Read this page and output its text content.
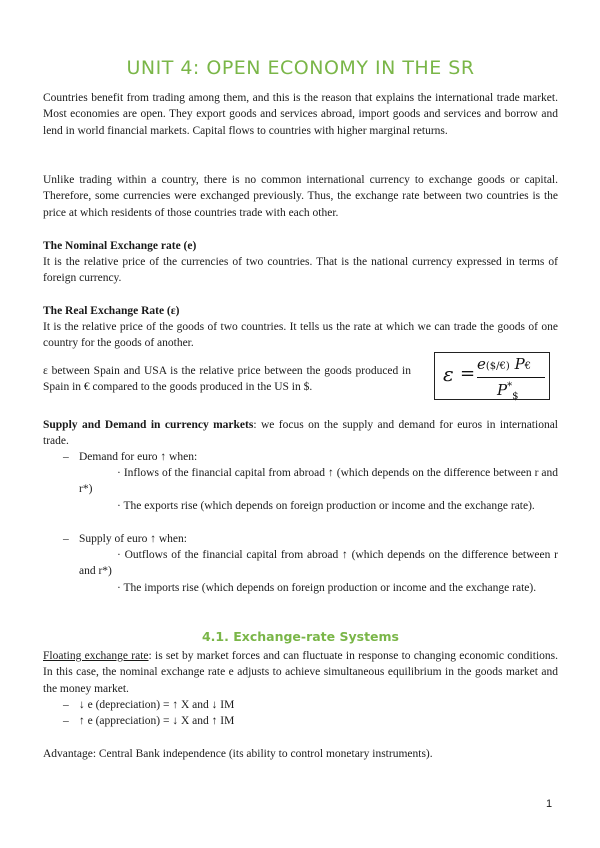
UNIT 4: OPEN ECONOMY IN THE SR

Countries benefit from trading among them, and this is the reason that explains the international trade market. Most economies are open. They export goods and services abroad, import goods and services and borrow and lend in world financial markets. Capital flows to countries with higher marginal returns.

Unlike trading within a country, there is no common international currency to exchange goods or capital. Therefore, some currencies were exchanged previously. Thus, the exchange rate between two countries is the price at which residents of those countries trade with each other.

The Nominal Exchange rate (e)

It is the relative price of the currencies of two countries. That is the national currency expressed in terms of foreign currency.

The Real Exchange Rate (ε)

It is the relative price of the goods of two countries. It tells us the rate at which we can trade the goods of one country for the goods of another.

ε between Spain and USA is the relative price between the goods produced in Spain in € compared to the goods produced in the US in $.

ε = e($/€) P€
$P^*_{\$}$

Supply and Demand in currency markets: we focus on the supply and demand for euros in international trade.

– Demand for euro ↑ when:

· Inflows of the financial capital from abroad ↑ (which depends on the difference between r and r*)

· The exports rise (which depends on foreign production or income and the exchange rate).

– Supply of euro ↑ when:

· Outflows of the financial capital from abroad ↑ (which depends on the difference between r and r*)

· The imports rise (which depends on foreign production or income and the exchange rate).

4.1. Exchange-rate Systems

Floating exchange rate: is set by market forces and can fluctuate in response to changing economic conditions. In this case, the nominal exchange rate e adjusts to achieve simultaneous equilibrium in the goods market and the money market.

– ↓ e (depreciation) = ↑ X and ↓ IM
– ↑ e (appreciation) = ↓ X and ↑ IM

Advantage: Central Bank independence (its ability to control monetary instruments).

1
